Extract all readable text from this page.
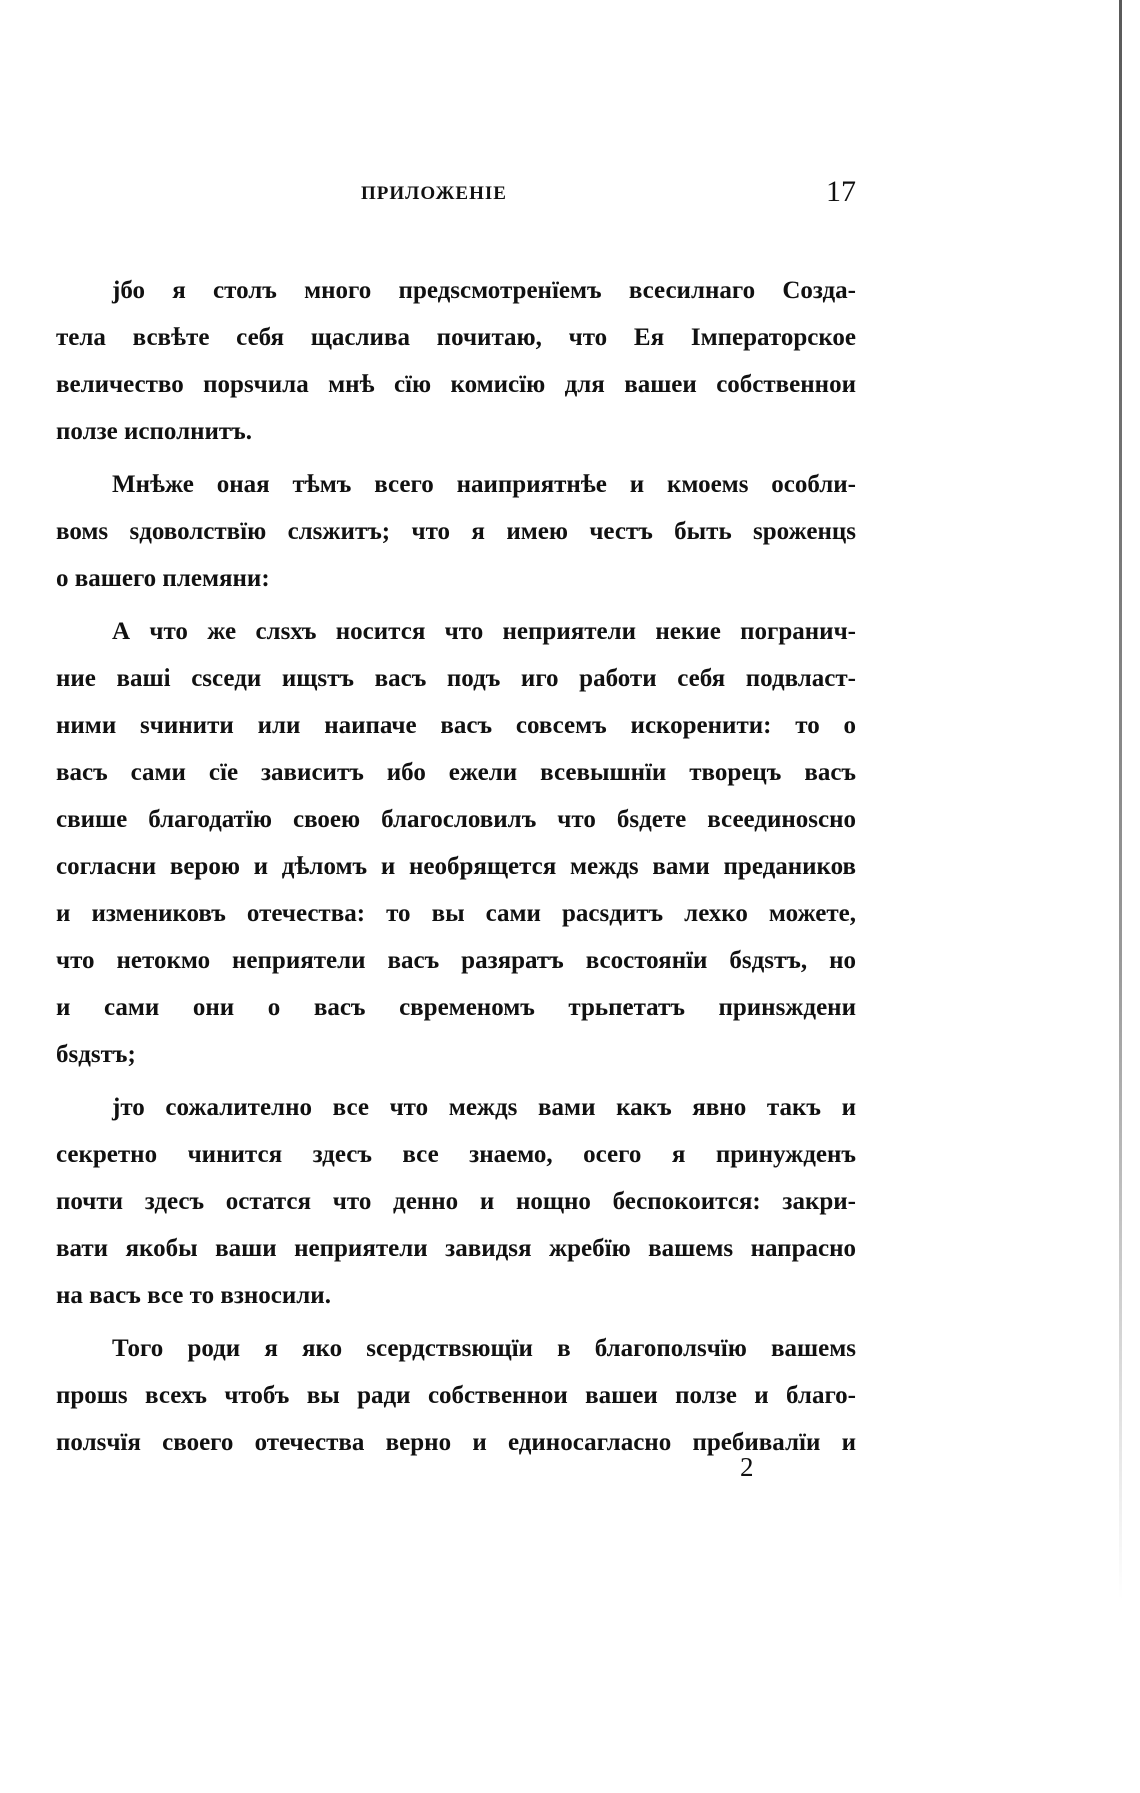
ПРИЛОЖЕНІЕ	17
јбо я столъ много предѕсмотренїемъ всесилнаго Созда-
тела всвѣте себя щаслива почитаю, что Ея Імператорское
величество порѕчила мнѣ сїю комисїю для вашеи собственнои
ползе исполнитъ.
Мнѣже оная тѣмъ всего наиприятнѣе и кмоемѕ особли-
вомѕ ѕдоволствїю слѕжитъ; что я имею честъ быть ѕроженцѕ
о вашего племяни:
А что же слѕхъ носится что неприятели некие погранич-
ние ваші сѕседи ищѕтъ васъ подъ иго работи себя подвласт-
ними ѕчинити или наипаче васъ совсемъ искоренити: то о
васъ сами сїе зависитъ ибо ежели всевышнїи творецъ васъ
свише благодатїю своею благословилъ что бѕдете всеединоѕсно
согласни верою и дѣломъ и необрящется междѕ вами предаников
и измениковъ отечества: то вы сами расѕдитъ лехко можете,
что нетокмо неприятели васъ разяратъ всостоянїи бѕдѕтъ, но
и сами они о васъ свременомъ трьпетатъ принѕждени
бѕдѕтъ;
јто сожалително все что междѕ вами какъ явно такъ и
секретно чинится здесъ все знаемо, осего я принужденъ
почти здесъ остатся что денно и нощно беспокоится: закри-
вати якобы ваши неприятели завидѕя жребїю вашемѕ напрасно
на васъ все то взносили.
Того роди я яко ѕсердствѕющїи в благополѕчїю вашемѕ
прошѕ всехъ чтобъ вы ради собственнои вашеи ползе и благо-
полѕчїя своего отечества верно и единосагласно пребивалїи и
2
